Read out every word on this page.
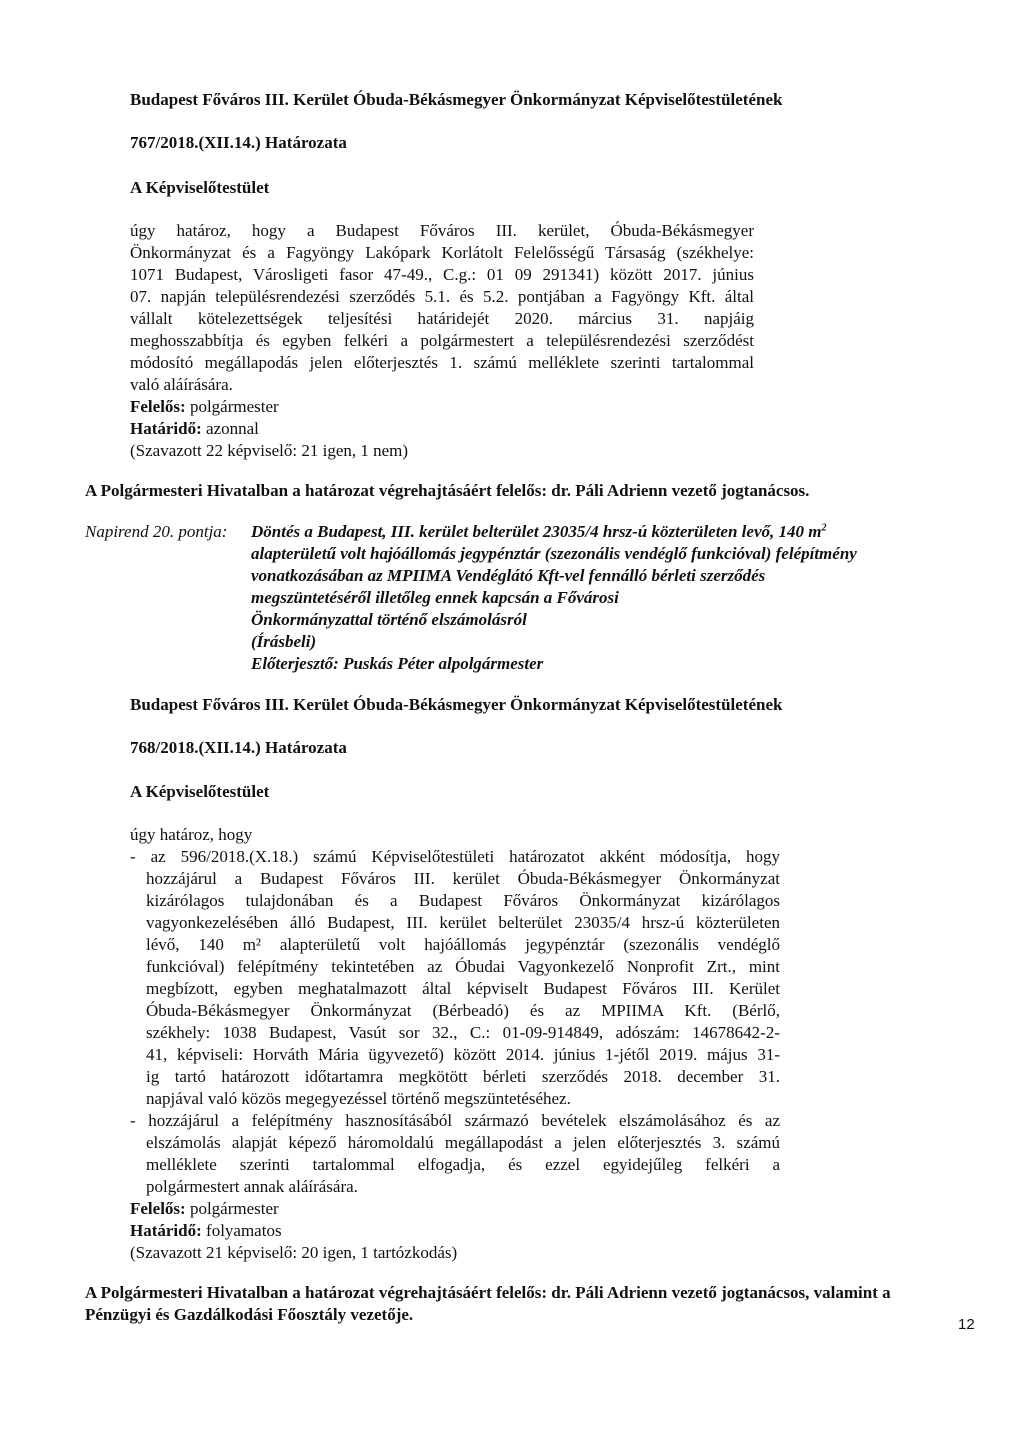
Budapest Főváros III. Kerület Óbuda-Békásmegyer Önkormányzat Képviselőtestületének
767/2018.(XII.14.) Határozata
A Képviselőtestület
úgy határoz, hogy a Budapest Főváros III. kerület, Óbuda-Békásmegyer
Önkormányzat és a Fagyöngy Lakópark Korlátolt Felelősségű Társaság (székhelye:
1071 Budapest, Városligeti fasor 47-49., C.g.: 01 09 291341) között 2017. június
07. napján településrendezési szerződés 5.1. és 5.2. pontjában a Fagyöngy Kft. által
vállalt kötelezettségek teljesítési határidejét 2020. március 31. napjáig
meghosszabbítja és egyben felkéri a polgármestert a településrendezési szerződést
módosító megállapodás jelen előterjesztés 1. számú melléklete szerinti tartalommal
való aláírására.
Felelős: polgármester
Határidő: azonnal
(Szavazott 22 képviselő: 21 igen, 1 nem)
A Polgármesteri Hivatalban a határozat végrehajtásáért felelős: dr. Páli Adrienn vezető jogtanácsos.
Napirend 20. pontja: Döntés a Budapest, III. kerület belterület 23035/4 hrsz-ú közterületen levő, 140 $m^2$
alapterületű volt hajóállomás jegypénztár (szezonális vendéglő funkcióval) felépítmény
vonatkozásában az MPIIMA Vendéglátó Kft-vel fennálló bérleti szerződés
megszüntetéséről illetőleg ennek kapcsán a Fővárosi
Önkormányzattal történő elszámolásról
(Írásbeli)
Előterjesztő: Puskás Péter alpolgármester
Budapest Főváros III. Kerület Óbuda-Békásmegyer Önkormányzat Képviselőtestületének
768/2018.(XII.14.) Határozata
A Képviselőtestület
úgy határoz, hogy
- az 596/2018.(X.18.) számú Képviselőtestületi határozatot akként módosítja, hogy
hozzájárul a Budapest Főváros III. kerület Óbuda-Békásmegyer Önkormányzat
kizárólagos tulajdonában és a Budapest Főváros Önkormányzat kizárólagos
vagyonkezelésében álló Budapest, III. kerület belterület 23035/4 hrsz-ú közterületen
lévő, 140 m² alapterületű volt hajóállomás jegypénztár (szezonális vendéglő
funkcióval) felépítmény tekintetében az Óbudai Vagyonkezelő Nonprofit Zrt., mint
megbízott, egyben meghatalmazott által képviselt Budapest Főváros III. Kerület
Óbuda-Békásmegyer Önkormányzat (Bérbeadó) és az MPIIMA Kft. (Bérlő,
székhely: 1038 Budapest, Vasút sor 32., C.: 01-09-914849, adószám: 14678642-2-
41, képviseli: Horváth Mária ügyvezető) között 2014. június 1-jétől 2019. május 31-
ig tartó határozott időtartamra megkötött bérleti szerződés 2018. december 31.
napjával való közös megegyezéssel történő megszüntetéséhez.
- hozzájárul a felépítmény hasznosításából származó bevételek elszámolásához és az
elszámolás alapját képező háromoldalú megállapodást a jelen előterjesztés 3. számú
melléklete szerinti tartalommal elfogadja, és ezzel egyidejűleg felkéri a
polgármestert annak aláírására.
Felelős: polgármester
Határidő: folyamatos
(Szavazott 21 képviselő: 20 igen, 1 tartózkodás)
A Polgármesteri Hivatalban a határozat végrehajtásáért felelős: dr. Páli Adrienn vezető jogtanácsos, valamint a
Pénzügyi és Gazdálkodási Főosztály vezetője.
12
